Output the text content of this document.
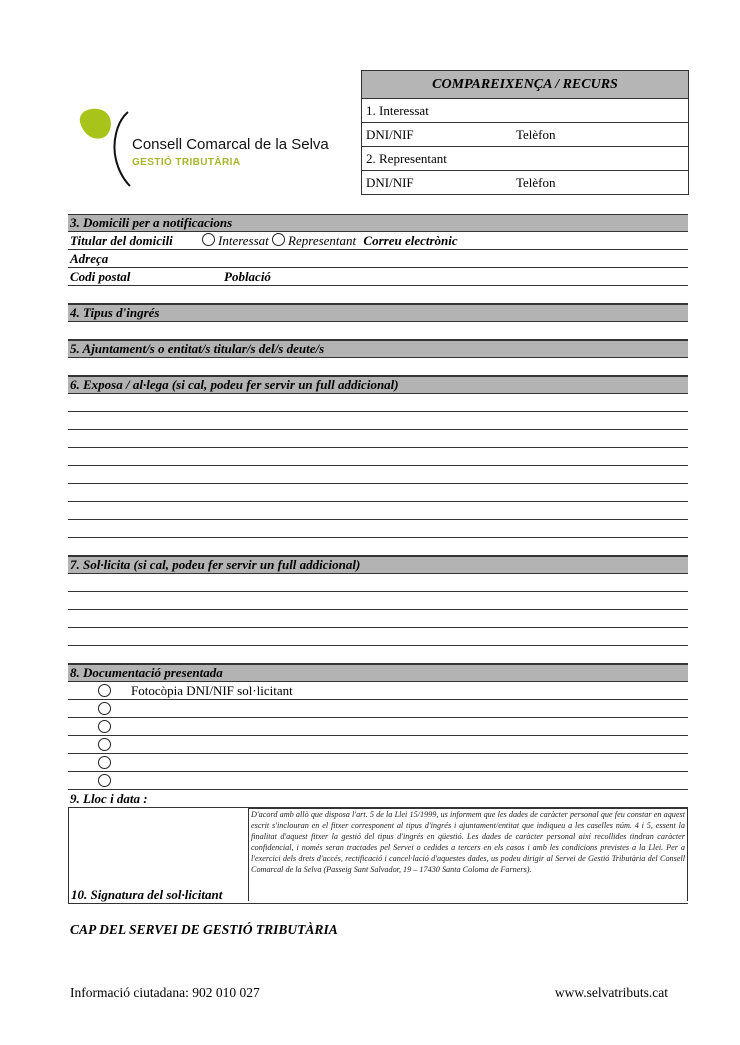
Consell Comarcal de la Selva
GESTIÓ TRIBUTÀRIA
COMPAREIXENÇA / RECURS
1. Interessat
DNI/NIF	Telèfon
2. Representant
DNI/NIF	Telèfon
3. Domicili per a notificacions
Titular del domicili	Interessat Representant Correu electrònic
Adreça
Codi postal	Població
4. Tipus d'ingrés
5. Ajuntament/s o entitat/s titular/s del/s deute/s
6. Exposa / al·lega (si cal, podeu fer servir un full addicional)
7. Sol·licita (si cal, podeu fer servir un full addicional)
8. Documentació presentada
Fotocòpia DNI/NIF sol·licitant
9. Lloc i data :
10. Signatura del sol·licitant
D'acord amb allò que disposa l'art. 5 de la Llei 15/1999, us informem que les dades de caràcter personal que feu constar en aquest escrit s'inclouran en el fitxer corresponent al tipus d'ingrés i ajuntament/entitat que indiqueu a les caselles núm. 4 i 5, essent la finalitat d'aquest fitxer la gestió del tipus d'ingrés en qüestió. Les dades de caràcter personal així recollides tindran caràcter confidencial, i només seran tractades pel Servei o cedides a tercers en els casos i amb les condicions previstes a la Llei. Per a l'exercici dels drets d'accés, rectificació i cancel·lació d'aquestes dades, us podeu dirigir al Servei de Gestió Tributària del Consell Comarcal de la Selva (Passeig Sant Salvador, 19 – 17430 Santa Coloma de Farners).
CAP DEL SERVEI DE GESTIÓ TRIBUTÀRIA
Informació ciutadana: 902 010 027	www.selvatributs.cat
